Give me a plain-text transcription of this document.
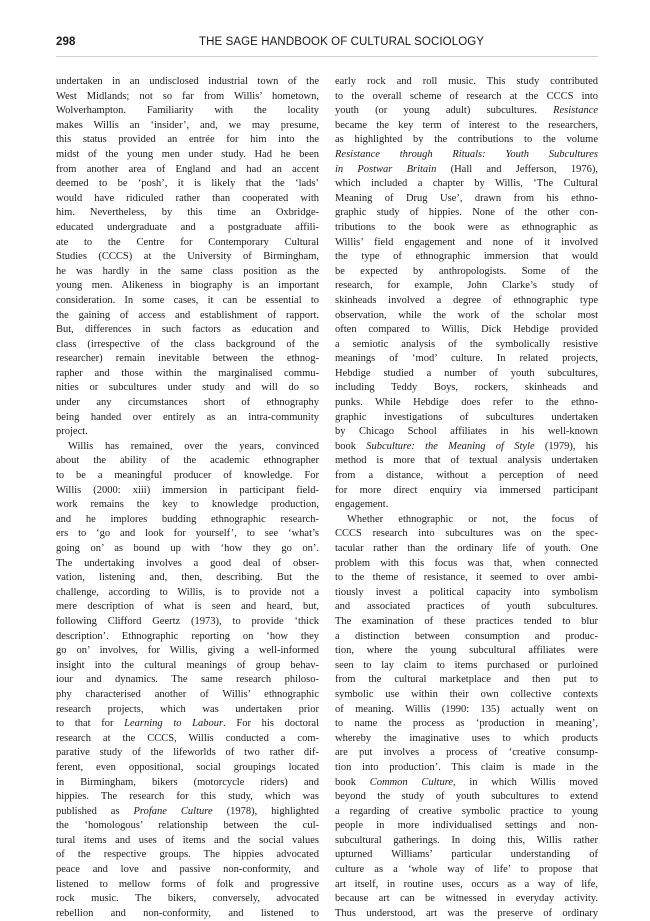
298	THE SAGE HANDBOOK OF CULTURAL SOCIOLOGY
undertaken in an undisclosed industrial town of the
West Midlands; not so far from Willis’ hometown,
Wolverhampton. Familiarity with the locality
makes Willis an ‘insider’, and, we may presume,
this status provided an entrée for him into the
midst of the young men under study. Had he been
from another area of England and had an accent
deemed to be ‘posh’, it is likely that the ‘lads’
would have ridiculed rather than cooperated with
him. Nevertheless, by this time an Oxbridge-
educated undergraduate and a postgraduate affili-
ate to the Centre for Contemporary Cultural
Studies (CCCS) at the University of Birmingham,
he was hardly in the same class position as the
young men. Alikeness in biography is an important
consideration. In some cases, it can be essential to
the gaining of access and establishment of rapport.
But, differences in such factors as education and
class (irrespective of the class background of the
researcher) remain inevitable between the ethnog-
rapher and those within the marginalised commu-
nities or subcultures under study and will do so
under any circumstances short of ethnography
being handed over entirely as an intra-community
project.
Willis has remained, over the years, convinced
about the ability of the academic ethnographer
to be a meaningful producer of knowledge. For
Willis (2000: xiii) immersion in participant field-
work remains the key to knowledge production,
and he implores budding ethnographic research-
ers to ‘go and look for yourself’, to see ‘what’s
going on’ as bound up with ‘how they go on’.
The undertaking involves a good deal of obser-
vation, listening and, then, describing. But the
challenge, according to Willis, is to provide not a
mere description of what is seen and heard, but,
following Clifford Geertz (1973), to provide ‘thick
description’. Ethnographic reporting on ‘how they
go on’ involves, for Willis, giving a well-informed
insight into the cultural meanings of group behav-
iour and dynamics. The same research philoso-
phy characterised another of Willis’ ethnographic
research projects, which was undertaken prior
to that for Learning to Labour. For his doctoral
research at the CCCS, Willis conducted a com-
parative study of the lifeworlds of two rather dif-
ferent, even oppositional, social groupings located
in Birmingham, bikers (motorcycle riders) and
hippies. The research for this study, which was
published as Profane Culture (1978), highlighted
the ‘homologous’ relationship between the cul-
tural items and uses of items and the social values
of the respective groups. The hippies advocated
peace and love and passive non-conformity, and
listened to mellow forms of folk and progressive
rock music. The bikers, conversely, advocated
rebellion and non-conformity, and listened to
early rock and roll music. This study contributed
to the overall scheme of research at the CCCS into
youth (or young adult) subcultures. Resistance
became the key term of interest to the researchers,
as highlighted by the contributions to the volume
Resistance through Rituals: Youth Subcultures
in Postwar Britain (Hall and Jefferson, 1976),
which included a chapter by Willis, ‘The Cultural
Meaning of Drug Use’, drawn from his ethno-
graphic study of hippies. None of the other con-
tributions to the book were as ethnographic as
Willis’ field engagement and none of it involved
the type of ethnographic immersion that would
be expected by anthropologists. Some of the
research, for example, John Clarke’s study of
skinheads involved a degree of ethnographic type
observation, while the work of the scholar most
often compared to Willis, Dick Hebdige provided
a semiotic analysis of the symbolically resistive
meanings of ‘mod’ culture. In related projects,
Hebdige studied a number of youth subcultures,
including Teddy Boys, rockers, skinheads and
punks. While Hebdige does refer to the ethno-
graphic investigations of subcultures undertaken
by Chicago School affiliates in his well-known
book Subculture: the Meaning of Style (1979), his
method is more that of textual analysis undertaken
from a distance, without a perception of need
for more direct enquiry via immersed participant
engagement.
Whether ethnographic or not, the focus of
CCCS research into subcultures was on the spec-
tacular rather than the ordinary life of youth. One
problem with this focus was that, when connected
to the theme of resistance, it seemed to over ambi-
tiously invest a political capacity into symbolism
and associated practices of youth subcultures.
The examination of these practices tended to blur
a distinction between consumption and produc-
tion, where the young subcultural affiliates were
seen to lay claim to items purchased or purloined
from the cultural marketplace and then put to
symbolic use within their own collective contexts
of meaning. Willis (1990: 135) actually went on
to name the process as ‘production in meaning’,
whereby the imaginative uses to which products
are put involves a process of ‘creative consump-
tion into production’. This claim is made in the
book Common Culture, in which Willis moved
beyond the study of youth subcultures to extend
a regarding of creative symbolic practice to young
people in more individualised settings and non-
subcultural gatherings. In doing this, Willis rather
upturned Williams’ particular understanding of
culture as a ‘whole way of life’ to propose that
art itself, in routine uses, occurs as a way of life,
because art can be witnessed in everyday activity.
Thus understood, art was the preserve of ordinary
